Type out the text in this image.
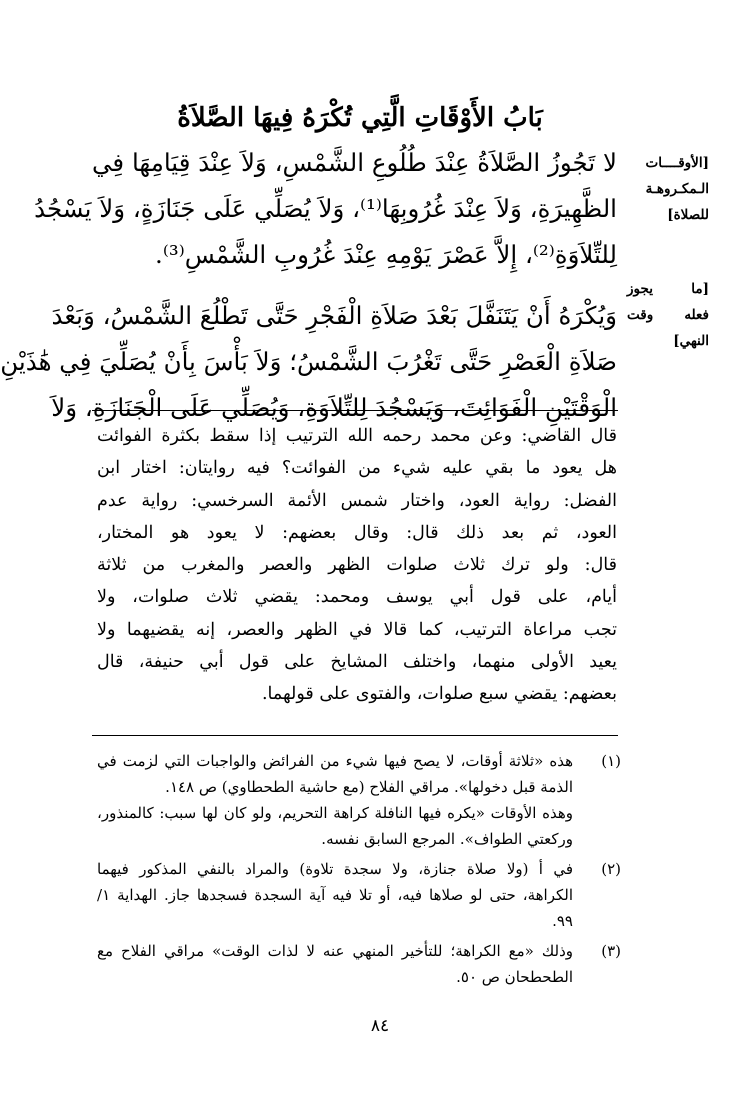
بَابُ الأَوْقَاتِ الَّتِي تُكْرَهُ فِيهَا الصَّلاَةُ
[الأوقــــات
الـمكـروهـة
للصلاة]
[ما يجوز
فعله وقت
النهي]
لا تَجُوزُ الصَّلاَةُ عِنْدَ طُلُوعِ الشَّمْسِ، وَلاَ عِنْدَ قِيَامِهَا فِي
الظَّهِيرَةِ، وَلاَ عِنْدَ غُرُوبِهَا⁽¹⁾، وَلاَ يُصَلِّي عَلَى جَنَازَةٍ، وَلاَ يَسْجُدُ
لِلتِّلاَوَةِ⁽²⁾، إِلاَّ عَصْرَ يَوْمِهِ عِنْدَ غُرُوبِ الشَّمْسِ⁽³⁾.
وَيُكْرَهُ أَنْ يَتَنَفَّلَ بَعْدَ صَلاَةِ الْفَجْرِ حَتَّى تَطْلُعَ الشَّمْسُ، وَبَعْدَ
صَلاَةِ الْعَصْرِ حَتَّى تَغْرُبَ الشَّمْسُ؛ وَلاَ بَأْسَ بِأَنْ يُصَلِّيَ فِي هَٰذَيْنِ
الْوَقْتَيْنِ الْفَوَائِتَ، وَيَسْجُدَ لِلتِّلاَوَةِ، وَيُصَلِّي عَلَى الْجَنَازَةِ، وَلاَ
قال القاضي: وعن محمد رحمه الله الترتيب إذا سقط بكثرة الفوائت
هل يعود ما بقي عليه شيء من الفوائت؟ فيه روايتان: اختار ابن
الفضل: رواية العود، واختار شمس الأئمة السرخسي: رواية عدم
العود، ثم بعد ذلك قال: وقال بعضهم: لا يعود هو المختار،
قال: ولو ترك ثلاث صلوات الظهر والعصر والمغرب من ثلاثة
أيام، على قول أبي يوسف ومحمد: يقضي ثلاث صلوات، ولا
تجب مراعاة الترتيب، كما قالا في الظهر والعصر، إنه يقضيهما ولا
يعيد الأولى منهما، واختلف المشايخ على قول أبي حنيفة، قال
بعضهم: يقضي سبع صلوات، والفتوى على قولهما.
(١)
هذه «ثلاثة أوقات، لا يصح فيها شيء من الفرائض والواجبات التي لزمت في
الذمة قبل دخولها». مراقي الفلاح (مع حاشية الطحطاوي) ص ١٤٨.
وهذه الأوقات «يكره فيها النافلة كراهة التحريم، ولو كان لها سبب: كالمنذور،
وركعتي الطواف». المرجع السابق نفسه.
(٢)
في أ (ولا صلاة جنازة، ولا سجدة تلاوة) والمراد بالنفي المذكور فيهما
الكراهة، حتى لو صلاها فيه، أو تلا فيه آية السجدة فسجدها جاز. الهداية ١/
٩٩.
(٣)
وذلك «مع الكراهة؛ للتأخير المنهي عنه لا لذات الوقت» مراقي الفلاح مع
الطحطحان ص ٥٠.
٨٤
